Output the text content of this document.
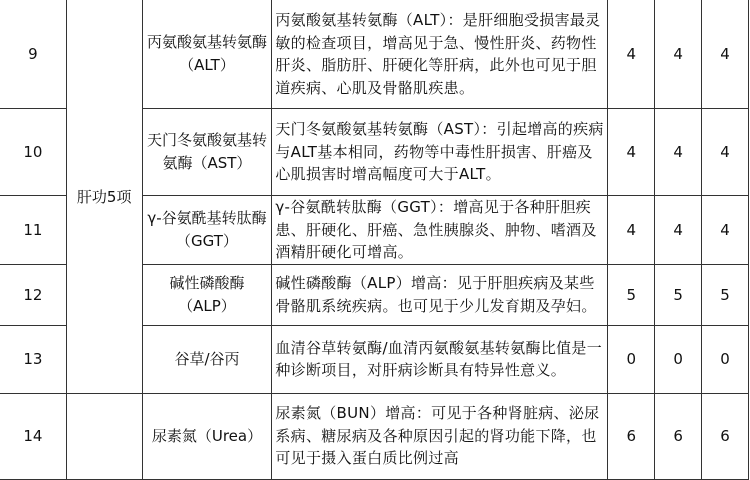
9	肝功5项	丙氨酸氨基转氨酶（ALT）	丙氨酸氨基转氨酶（ALT）：是肝细胞受损害最灵敏的检查项目，增高见于急、慢性肝炎、药物性肝炎、脂肪肝、肝硬化等肝病，此外也可见于胆道疾病、心肌及骨骼肌疾患。	4	4	4
10		天门冬氨酸氨基转氨酶（AST）	天门冬氨酸氨基转氨酶（AST）：引起增高的疾病与ALT基本相同，药物等中毒性肝损害、肝癌及心肌损害时增高幅度可大于ALT。	4	4	4
11		γ-谷氨酰基转肽酶（GGT）	γ-谷氨酰转肽酶（GGT）：增高见于各种肝胆疾患、肝硬化、肝癌、急性胰腺炎、肿物、嗜酒及酒精肝硬化可增高。	4	4	4
12		碱性磷酸酶（ALP）	碱性磷酸酶（ALP）增高：见于肝胆疾病及某些骨骼肌系统疾病。也可见于少儿发育期及孕妇。	5	5	5
13		谷草/谷丙	血清谷草转氨酶/血清丙氨酸氨基转氨酶比值是一种诊断项目，对肝病诊断具有特异性意义。	0	0	0
14		尿素氮（Urea）	尿素氮（BUN）增高：可见于各种肾脏病、泌尿系病、糖尿病及各种原因引起的肾功能下降，也可见于摄入蛋白质比例过高	6	6	6
